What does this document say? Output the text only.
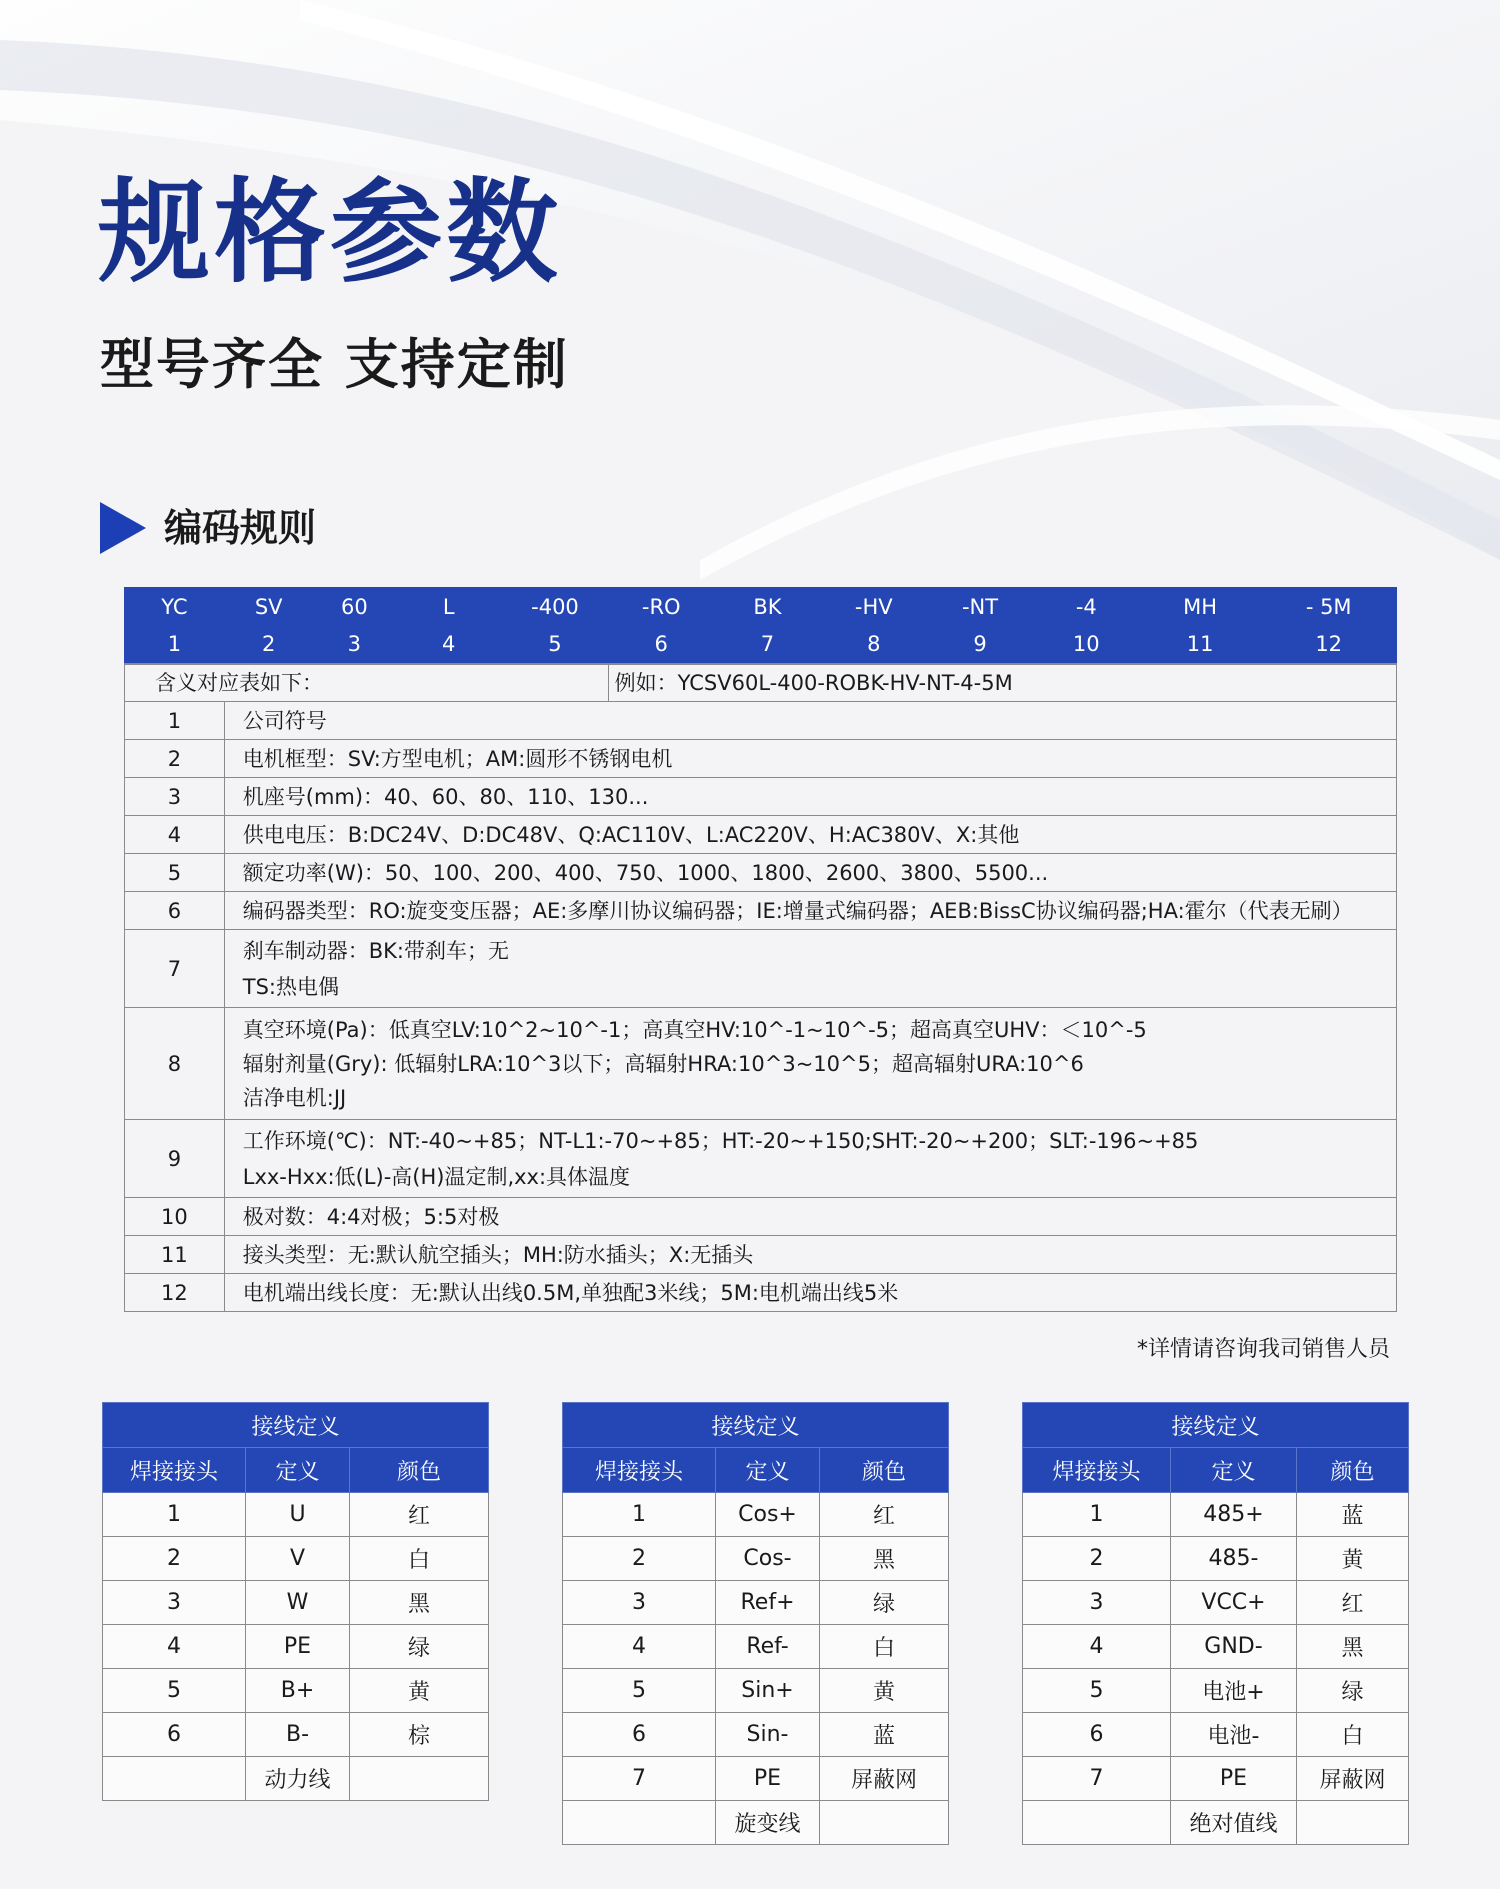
规格参数
型号齐全 支持定制
编码规则
YC	SV	60	L	-400	-RO	BK	-HV	-NT	-4	MH	- 5M
1	2	3	4	5	6	7	8	9	10	11	12
含义对应表如下：					例如：YCSV60L-400-ROBK-HV-NT-4-5M						
1	公司符号										

2	电机框型：SV:方型电机；AM:圆形不锈钢电机										

3	机座号(mm)：40、60、80、110、130...										

4	供电电压：B:DC24V、D:DC48V、Q:AC110V、L:AC220V、H:AC380V、X:其他										

5	额定功率(W)：50、100、200、400、750、1000、1800、2600、3800、5500...										

6	编码器类型：RO:旋变变压器；AE:多摩川协议编码器；IE:增量式编码器；AEB:BissC协议编码器;HA:霍尔（代表无刷）										

7	刹车制动器：BK:带刹车；无
TS:热电偶										

8	真空环境(Pa)：低真空LV:10^2~10^-1；高真空HV:10^-1~10^-5；超高真空UHV：＜10^-5
辐射剂量(Gry): 低辐射LRA:10^3以下；高辐射HRA:10^3~10^5；超高辐射URA:10^6
洁净电机:JJ										

9	工作环境(℃)：NT:-40~+85；NT-L1:-70~+85；HT:-20~+150;SHT:-20~+200；SLT:-196~+85
Lxx-Hxx:低(L)-高(H)温定制,xx:具体温度										

10	极对数：4:4对极；5:5对极										

11	接头类型：无:默认航空插头；MH:防水插头；X:无插头										

12	电机端出线长度：无:默认出线0.5M,单独配3米线；5M:电机端出线5米										
*详情请咨询我司销售人员
接线定义		
焊接接头	定义	颜色
1	U	红
2	V	白
3	W	黑
4	PE	绿
5	B+	黄
6	B-	棕
	动力线	
接线定义		
焊接接头	定义	颜色
1	Cos+	红
2	Cos-	黑
3	Ref+	绿
4	Ref-	白
5	Sin+	黄
6	Sin-	蓝
7	PE	屏蔽网
	旋变线	
接线定义		
焊接接头	定义	颜色
1	485+	蓝
2	485-	黄
3	VCC+	红
4	GND-	黑
5	电池+	绿
6	电池-	白
7	PE	屏蔽网
	绝对值线	
